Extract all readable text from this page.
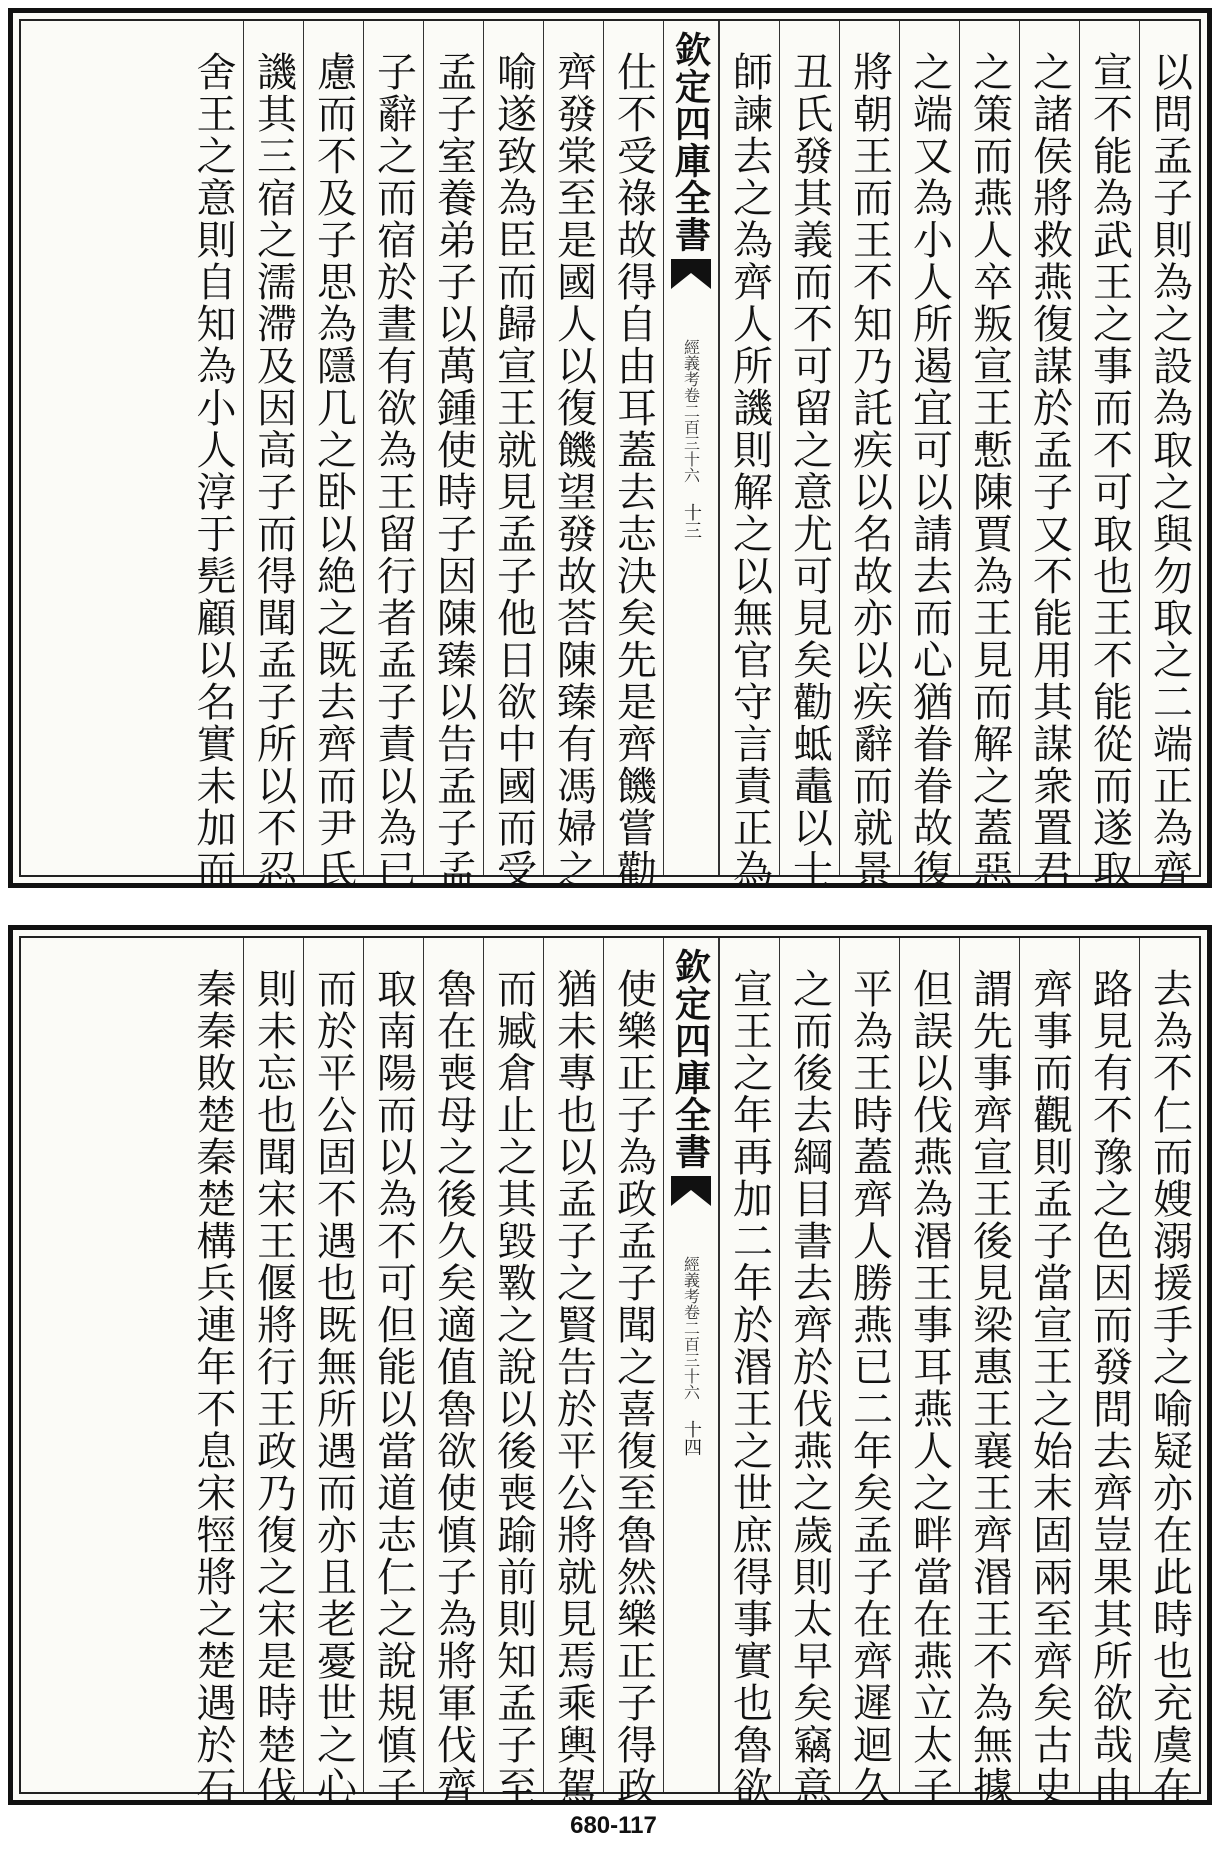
以問孟子則為之設為取之與勿取之二端正為齊
宣不能為武王之事而不可取也王不能從而遂取
之諸侯將救燕復謀於孟子又不能用其謀衆置君
之策而燕人卒叛宣王慙陳賈為王見而解之蓋惡
之端又為小人所遏宜可以請去而心猶眷眷故復
將朝王而王不知乃託疾以名故亦以疾辭而就景
丑氏發其義而不可留之意尤可見矣勸蚳鼃以士
師諫去之為齊人所譏則解之以無官守言責正為
欽定四庫全書
經義考卷二百三十六
十三
仕不受祿故得自由耳蓋去志決矣先是齊饑嘗勸
齊發棠至是國人以復饑望發故荅陳臻有馮婦之
喻遂致為臣而歸宣王就見孟子他日欲中國而受
孟子室養弟子以萬鍾使時子因陳臻以告孟子孟
子辭之而宿於晝有欲為王留行者孟子責以為已
慮而不及子思為隱几之卧以絶之既去齊而尹氏
譏其三宿之濡滯及因高子而得聞孟子所以不忍
舍王之意則自知為小人淳于髡顧以名實未加而
去為不仁而嫂溺援手之喻疑亦在此時也充虞在
路見有不豫之色因而發問去齊豈果其所欲哉由
齊事而觀則孟子當宣王之始末固兩至齊矣古史
謂先事齊宣王後見梁惠王襄王齊湣王不為無據
但誤以伐燕為湣王事耳燕人之畔當在燕立太子
平為王時蓋齊人勝燕已二年矣孟子在齊遲迴久
之而後去綱目書去齊於伐燕之歲則太早矣竊意
宣王之年再加二年於湣王之世庶得事實也魯欲
欽定四庫全書
經義考卷二百三十六
十四
使樂正子為政孟子聞之喜復至魯然樂正子得政
猶未專也以孟子之賢告於平公將就見焉乘輿駕
而臧倉止之其毀斁之說以後喪踰前則知孟子至
魯在喪母之後久矣適值魯欲使慎子為將軍伐齊
取南陽而以為不可但能以當道志仁之說規慎子
而於平公固不遇也既無所遇而亦且老憂世之心
則未忘也聞宋王偃將行王政乃復之宋是時楚伐
秦秦敗楚秦楚構兵連年不息宋牼將之楚遇於石
680-117
